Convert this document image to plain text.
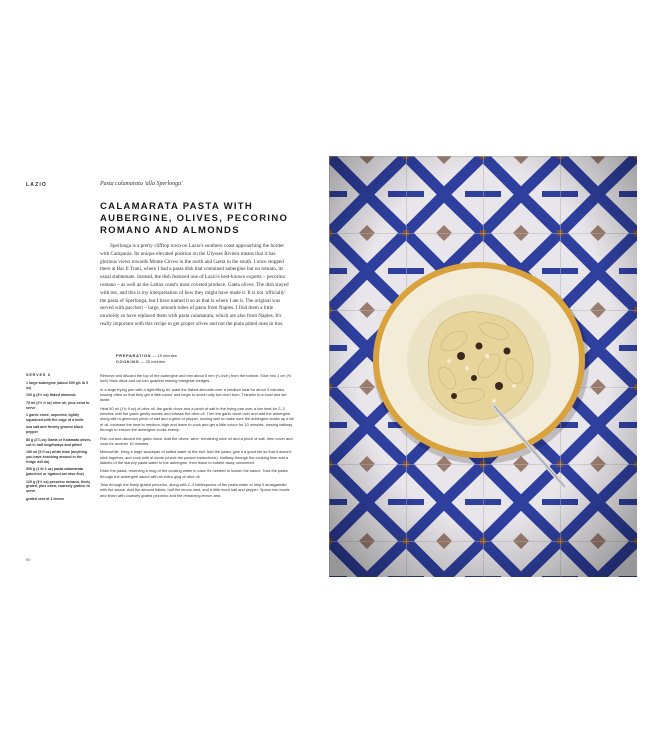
LAZIO	Pasta calamarata 'alla Sperlonga'
CALAMARATA PASTA WITH
AUBERGINE, OLIVES, PECORINO
ROMANO AND ALMONDS

Sperlonga is a pretty clifftop town on Lazio's southern coast approaching the border with Campania. Its unique elevated position on the Ulysses Riviera means that it has glorious views towards Monte Circeo in the north and Gaeta in the south. I once stopped there at Bar Il Trani, where I had a pasta dish that contained aubergine but no tomato, its usual stablemate. Instead, the dish featured one of Lazio's best-known exports – pecorino romano – as well as the Latina coast's most coveted produce, Gaeta olives. The dish stayed with me, and this is my interpretation of how they might have made it. It is not 'officially' the pasta of Sperlonga, but I have named it so as that is where I ate it. The original was served with paccheri – large, smooth tubes of pasta from Naples. I find them a little unwieldy so have replaced them with pasta calamarata, which are also from Naples. It's really important with this recipe to get proper olives and not the plain pitted ones in tins.

PREPARATION — 15 minutes
COOKING — 35 minutes
SERVES 6
1 large aubergine (about 600 g/1 lb 5 oz)
100 g (3½ oz) flaked almonds
75 ml (2½ fl oz) olive oil, plus extra to serve
1 garlic clove, unpeeled, lightly squashed with the edge of a knife
sea salt and freshly ground black pepper
80 g (2¾ oz) Gaeta or Kalamata olives, cut in half lengthways and pitted
150 ml (5 fl oz) white wine (anything you have knocking around in the fridge will do)
500 g (1 lb 2 oz) pasta calamarata (paccheri or rigatoni are also fine)
120 g (4½ oz) pecorino romano, finely grated, plus extra, coarsely grated, to serve
grated zest of 1 lemon

Remove and discard the top of the aubergine and trim about 5 mm (¼ inch) from the bottom. Slice into 1 cm (½ inch) thick discs and cut into quarters leaving triangular wedges.

In a large frying pan with a tight-fitting lid, toast the flaked almonds over a medium heat for about 3 minutes, tossing often so that they get a little colour and begin to smell nutty but don't burn. Transfer to a bowl and set aside.

Heat 50 ml (1¾ fl oz) of olive oil, the garlic clove and a pinch of salt in the frying pan over a low heat for 2–3 minutes until the garlic gently sizzles and infuses the olive oil. Turn the garlic clove over and add the aubergine, along with a generous pinch of salt and a grind of pepper, tossing well to make sure the aubergine soaks up a bit of oil. Increase the heat to medium–high and leave to cook and get a little colour for 10 minutes, tossing halfway through to ensure the aubergine cooks evenly.

Fish out and discard the garlic clove. Add the olives, wine, remaining olive oil and a pinch of salt, then cover and cook for another 15 minutes.

Meanwhile, bring a large saucepan of salted water to the boil. Add the pasta, give it a good stir so that it doesn't stick together, and cook until al dente (check the packet instructions). Halfway through the cooking time add a ladleful of the starchy pasta water to the aubergine, then leave to bubble away uncovered.

Drain the pasta, reserving a mug of the cooking water in case it's needed to loosen the sauce. Toss the pasta through the aubergine sauce with an extra glug of olive oil.

Toss through the finely grated pecorino, along with 2–3 tablespoons of the pasta water to help it amalgamate with the sauce. Add the almond flakes, half the lemon zest, and a little more salt and pepper. Spoon into bowls and finish with coarsely grated pecorino and the remaining lemon zest.

90
